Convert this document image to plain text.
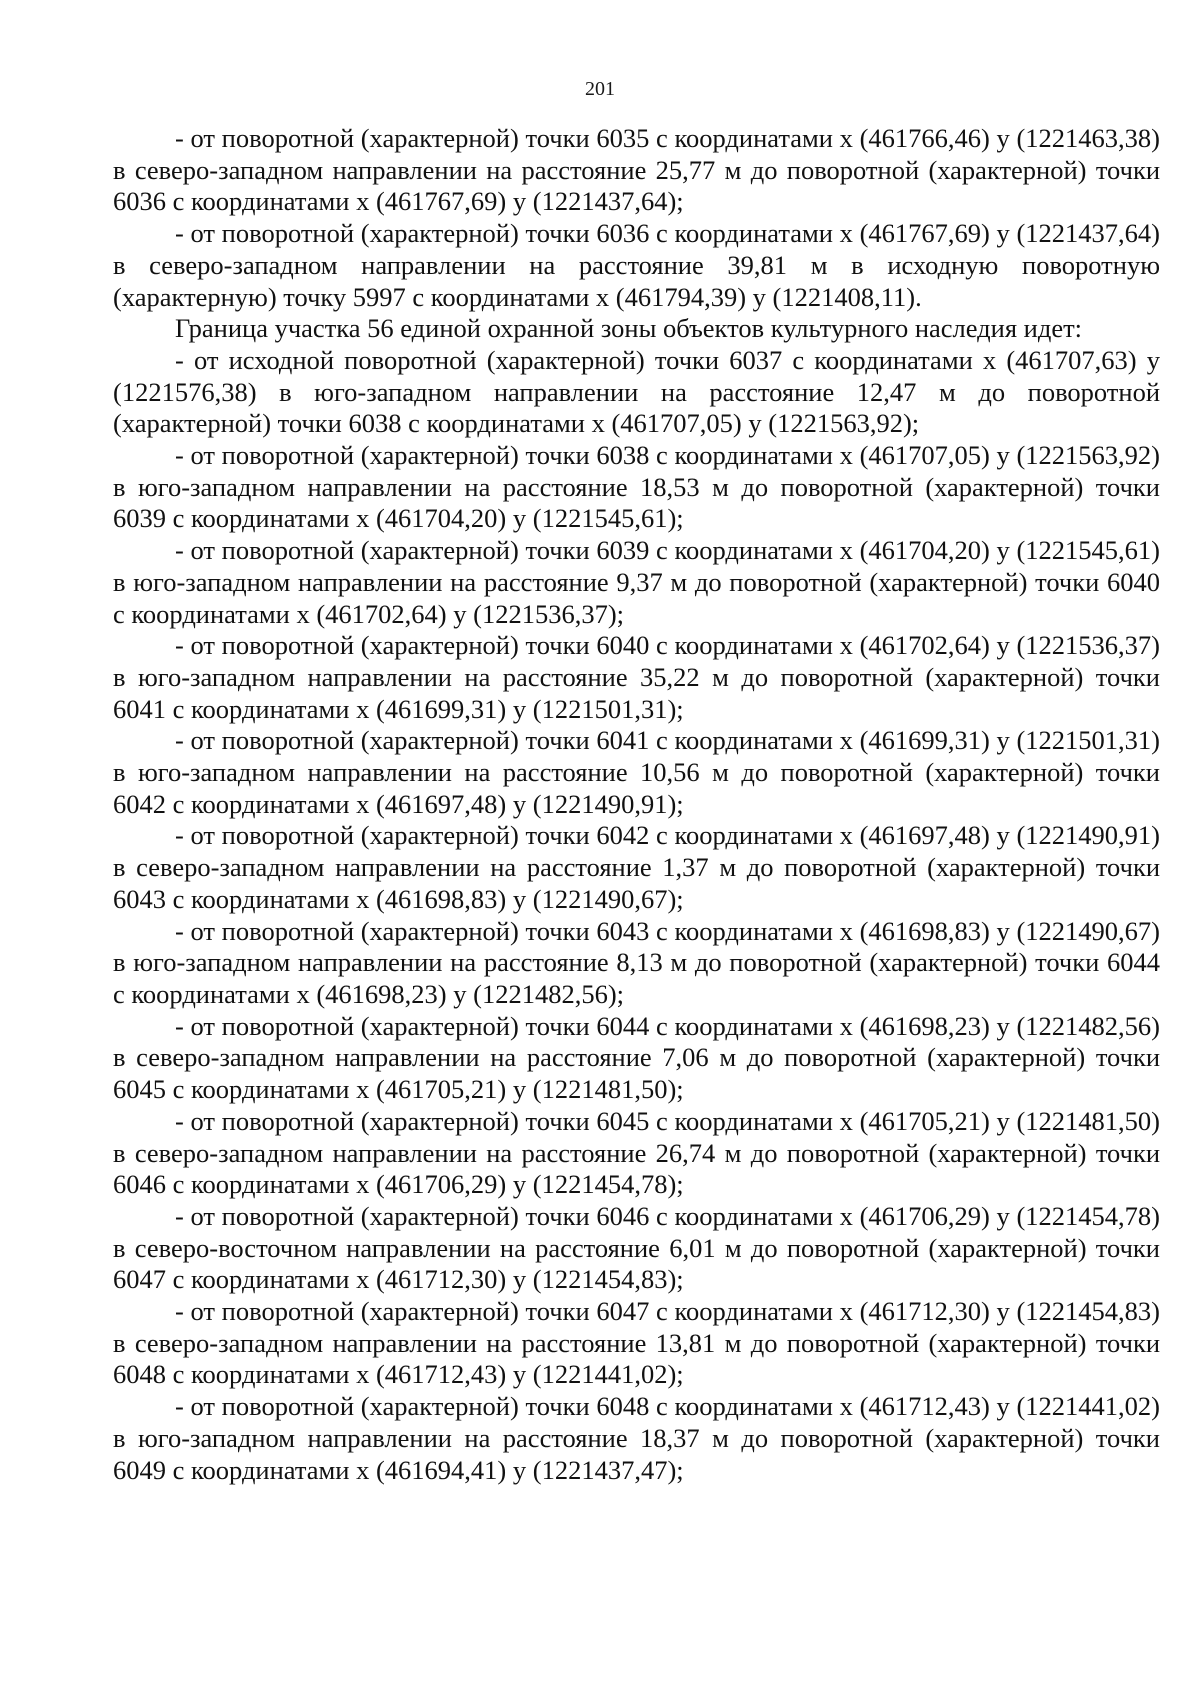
201

- от поворотной (характерной) точки 6035 с координатами х (461766,46) у (1221463,38) в северо-западном направлении на расстояние 25,77 м до поворотной (характерной) точки 6036 с координатами х (461767,69) у (1221437,64);

- от поворотной (характерной) точки 6036 с координатами х (461767,69) у (1221437,64) в северо-западном направлении на расстояние 39,81 м в исходную поворотную (характерную) точку 5997 с координатами х (461794,39) у (1221408,11).

Граница участка 56 единой охранной зоны объектов культурного наследия идет:

- от исходной поворотной (характерной) точки 6037 с координатами х (461707,63) у (1221576,38) в юго-западном направлении на расстояние 12,47 м до поворотной (характерной) точки 6038 с координатами х (461707,05) у (1221563,92);

- от поворотной (характерной) точки 6038 с координатами х (461707,05) у (1221563,92) в юго-западном направлении на расстояние 18,53 м до поворотной (характерной) точки 6039 с координатами х (461704,20) у (1221545,61);

- от поворотной (характерной) точки 6039 с координатами х (461704,20) у (1221545,61) в юго-западном направлении на расстояние 9,37 м до поворотной (характерной) точки 6040 с координатами х (461702,64) у (1221536,37);

- от поворотной (характерной) точки 6040 с координатами х (461702,64) у (1221536,37) в юго-западном направлении на расстояние 35,22 м до поворотной (характерной) точки 6041 с координатами х (461699,31) у (1221501,31);

- от поворотной (характерной) точки 6041 с координатами х (461699,31) у (1221501,31) в юго-западном направлении на расстояние 10,56 м до поворотной (характерной) точки 6042 с координатами х (461697,48) у (1221490,91);

- от поворотной (характерной) точки 6042 с координатами х (461697,48) у (1221490,91) в северо-западном направлении на расстояние 1,37 м до поворотной (характерной) точки 6043 с координатами х (461698,83) у (1221490,67);

- от поворотной (характерной) точки 6043 с координатами х (461698,83) у (1221490,67) в юго-западном направлении на расстояние 8,13 м до поворотной (характерной) точки 6044 с координатами х (461698,23) у (1221482,56);

- от поворотной (характерной) точки 6044 с координатами х (461698,23) у (1221482,56) в северо-западном направлении на расстояние 7,06 м до поворотной (характерной) точки 6045 с координатами х (461705,21) у (1221481,50);

- от поворотной (характерной) точки 6045 с координатами х (461705,21) у (1221481,50) в северо-западном направлении на расстояние 26,74 м до поворотной (характерной) точки 6046 с координатами х (461706,29) у (1221454,78);

- от поворотной (характерной) точки 6046 с координатами х (461706,29) у (1221454,78) в северо-восточном направлении на расстояние 6,01 м до поворотной (характерной) точки 6047 с координатами х (461712,30) у (1221454,83);

- от поворотной (характерной) точки 6047 с координатами х (461712,30) у (1221454,83) в северо-западном направлении на расстояние 13,81 м до поворотной (характерной) точки 6048 с координатами х (461712,43) у (1221441,02);

- от поворотной (характерной) точки 6048 с координатами х (461712,43) у (1221441,02) в юго-западном направлении на расстояние 18,37 м до поворотной (характерной) точки 6049 с координатами х (461694,41) у (1221437,47);
